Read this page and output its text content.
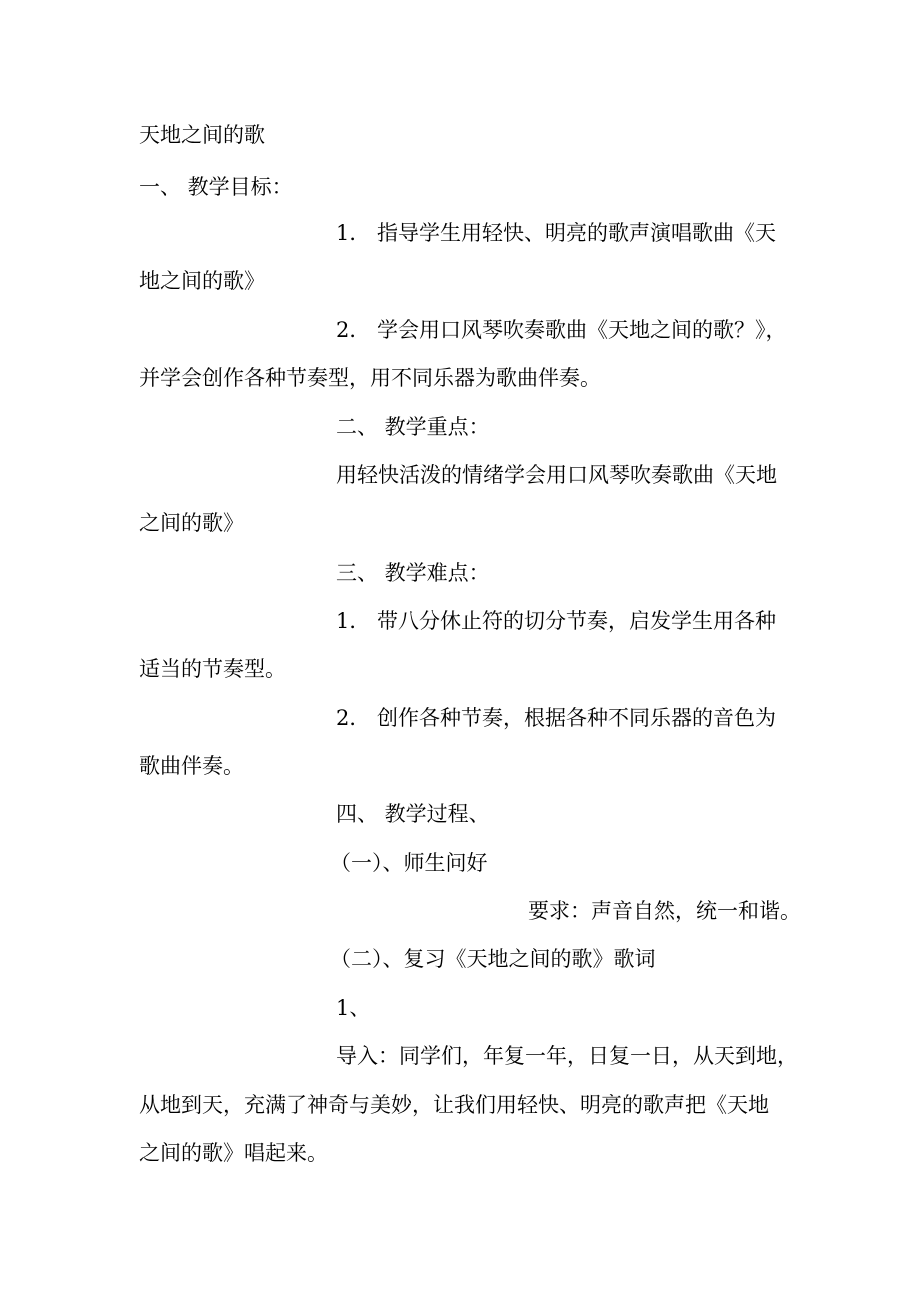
天地之间的歌
一、 教学目标：
1． 指导学生用轻快、明亮的歌声演唱歌曲《天
地之间的歌》
2． 学会用口风琴吹奏歌曲《天地之间的歌？》，
并学会创作各种节奏型，用不同乐器为歌曲伴奏。
二、 教学重点：
用轻快活泼的情绪学会用口风琴吹奏歌曲《天地
之间的歌》
三、 教学难点：
1． 带八分休止符的切分节奏，启发学生用各种
适当的节奏型。
2． 创作各种节奏，根据各种不同乐器的音色为
歌曲伴奏。
四、 教学过程、
（一）、师生问好
要求：声音自然，统一和谐。
（二）、复习《天地之间的歌》歌词
1、
导入：同学们，年复一年，日复一日，从天到地，
从地到天，充满了神奇与美妙，让我们用轻快、明亮的歌声把《天地
之间的歌》唱起来。
